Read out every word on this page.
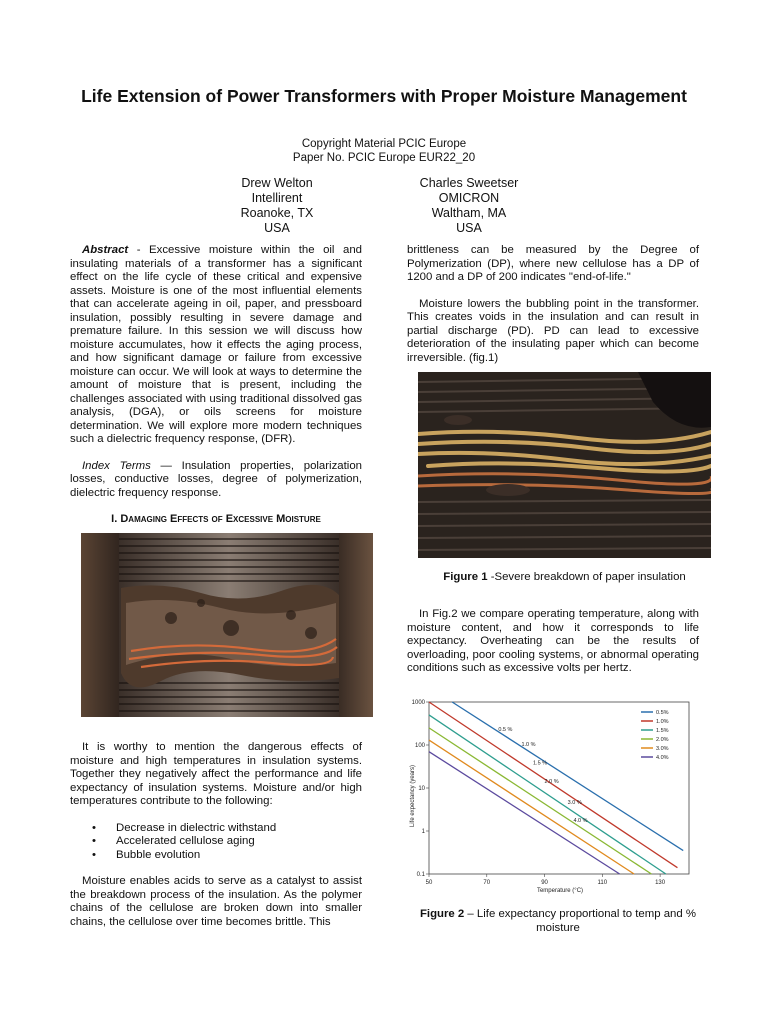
Life Extension of Power Transformers with Proper Moisture Management
Copyright Material PCIC Europe
Paper No. PCIC Europe EUR22_20
Drew Welton
Intellirent
Roanoke, TX
USA
Charles Sweetser
OMICRON
Waltham, MA
USA

Abstract - Excessive moisture within the oil and insulating materials of a transformer has a significant effect on the life cycle of these critical and expensive assets. Moisture is one of the most influential elements that can accelerate ageing in oil, paper, and pressboard insulation, possibly resulting in severe damage and premature failure. In this session we will discuss how moisture accumulates, how it effects the aging process, and how significant damage or failure from excessive moisture can occur. We will look at ways to determine the amount of moisture that is present, including the challenges associated with using traditional dissolved gas analysis, (DGA), or oils screens for moisture determination. We will explore more modern techniques such a dielectric frequency response, (DFR).

Index Terms — Insulation properties, polarization losses, conductive losses, degree of polymerization, dielectric frequency response.

I. Damaging Effects of Excessive Moisture

It is worthy to mention the dangerous effects of moisture and high temperatures in insulation systems. Together they negatively affect the performance and life expectancy of insulation systems. Moisture and/or high temperatures contribute to the following:

• Decrease in dielectric withstand
• Accelerated cellulose aging
• Bubble evolution

Moisture enables acids to serve as a catalyst to assist the breakdown process of the insulation. As the polymer chains of the cellulose are broken down into smaller chains, the cellulose over time becomes brittle. This

brittleness can be measured by the Degree of Polymerization (DP), where new cellulose has a DP of 1200 and a DP of 200 indicates "end-of-life."

Moisture lowers the bubbling point in the transformer. This creates voids in the insulation and can result in partial discharge (PD). PD can lead to excessive deterioration of the insulating paper which can become irreversible. (fig.1)

Figure 1 -Severe breakdown of paper insulation

In Fig.2 we compare operating temperature, along with moisture content, and how it corresponds to life expectancy. Overheating can be the results of overloading, poor cooling systems, or abnormal operating conditions such as excessive volts per hertz.

50	70	90	110	130
0.1
1
10
100
1000
0.5 %
1.0 %
1.5 %
2.0 %
3.0 %
4.0 %
0.5%
1.0%
1.5%
2.0%
3.0%
4.0%
Temperature (°C)
Life expectancy (years)
Figure 2 – Life expectancy proportional to temp and % moisture
